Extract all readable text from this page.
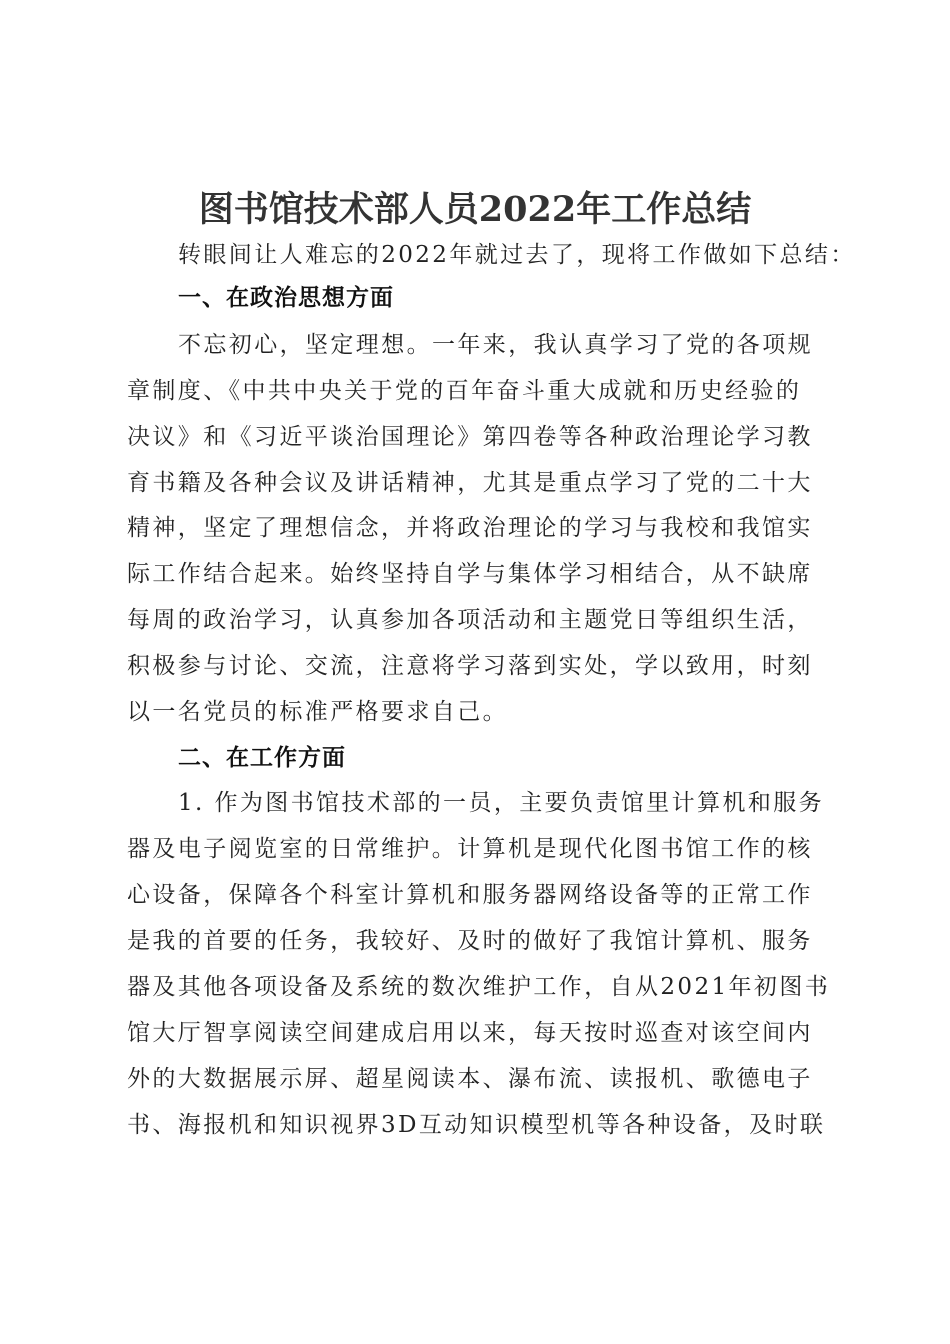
图书馆技术部人员2022年工作总结
转眼间让人难忘的2022年就过去了，现将工作做如下总结：
一、在政治思想方面
不忘初心，坚定理想。一年来，我认真学习了党的各项规
章制度、《中共中央关于党的百年奋斗重大成就和历史经验的
决议》和《习近平谈治国理论》第四卷等各种政治理论学习教
育书籍及各种会议及讲话精神，尤其是重点学习了党的二十大
精神，坚定了理想信念，并将政治理论的学习与我校和我馆实
际工作结合起来。始终坚持自学与集体学习相结合，从不缺席
每周的政治学习，认真参加各项活动和主题党日等组织生活，
积极参与讨论、交流，注意将学习落到实处，学以致用，时刻
以一名党员的标准严格要求自己。
二、在工作方面
1. 作为图书馆技术部的一员，主要负责馆里计算机和服务
器及电子阅览室的日常维护。计算机是现代化图书馆工作的核
心设备，保障各个科室计算机和服务器网络设备等的正常工作
是我的首要的任务，我较好、及时的做好了我馆计算机、服务
器及其他各项设备及系统的数次维护工作，自从2021年初图书
馆大厅智享阅读空间建成启用以来，每天按时巡查对该空间内
外的大数据展示屏、超星阅读本、瀑布流、读报机、歌德电子
书、海报机和知识视界3D互动知识模型机等各种设备，及时联
